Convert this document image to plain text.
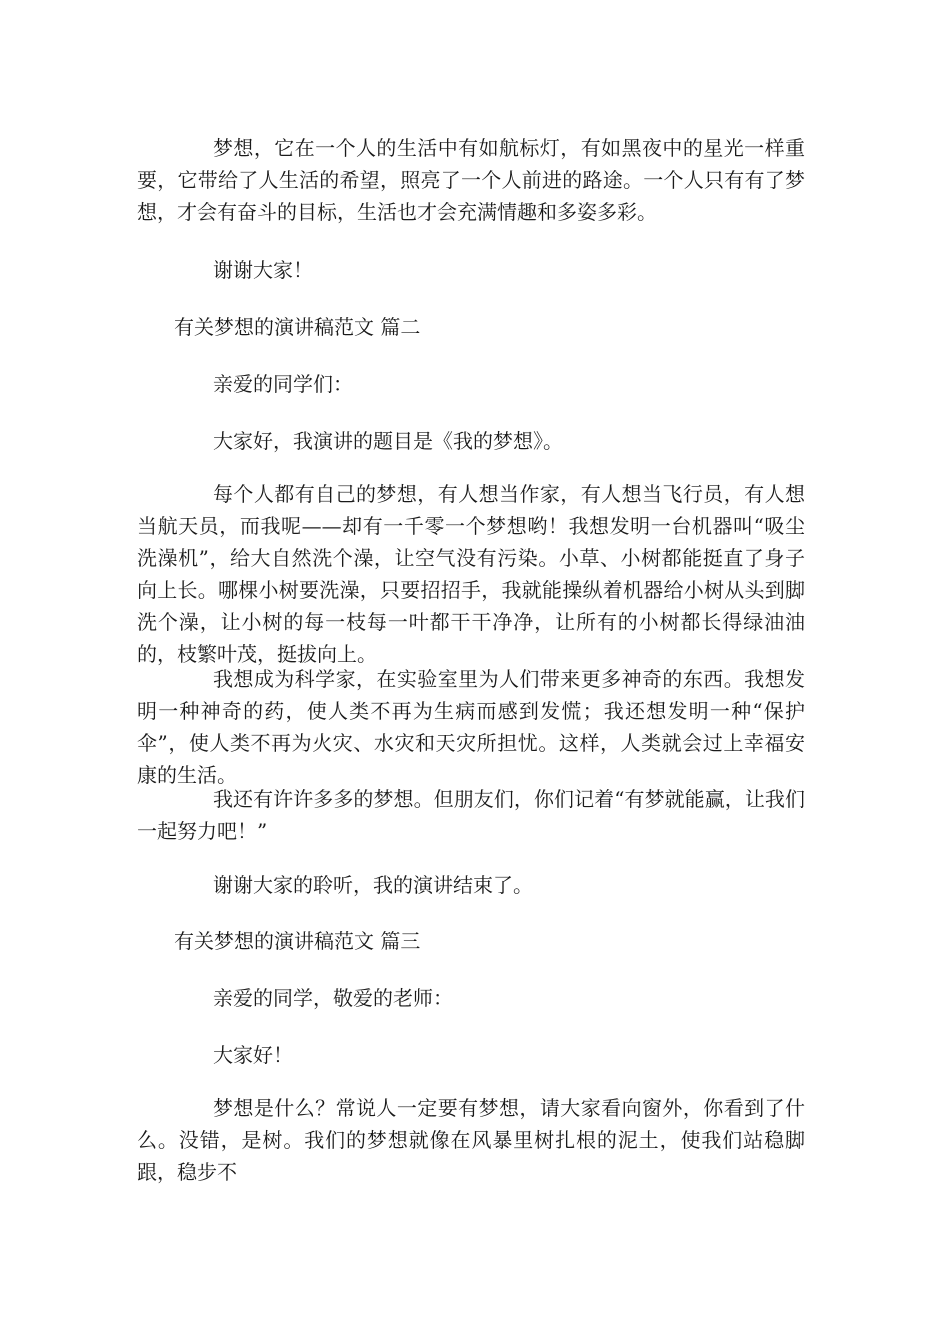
梦想，它在一个人的生活中有如航标灯，有如黑夜中的星光一样重要，它带给了人生活的希望，照亮了一个人前进的路途。一个人只有有了梦想，才会有奋斗的目标，生活也才会充满情趣和多姿多彩。

谢谢大家！

有关梦想的演讲稿范文 篇二

亲爱的同学们：

大家好，我演讲的题目是《我的梦想》。

每个人都有自己的梦想，有人想当作家，有人想当飞行员，有人想当航天员，而我呢——却有一千零一个梦想哟！我想发明一台机器叫“吸尘洗澡机”，给大自然洗个澡，让空气没有污染。小草、小树都能挺直了身子向上长。哪棵小树要洗澡，只要招招手，我就能操纵着机器给小树从头到脚洗个澡，让小树的每一枝每一叶都干干净净，让所有的小树都长得绿油油的，枝繁叶茂，挺拔向上。

我想成为科学家，在实验室里为人们带来更多神奇的东西。我想发明一种神奇的药，使人类不再为生病而感到发慌；我还想发明一种“保护伞”，使人类不再为火灾、水灾和天灾所担忧。这样，人类就会过上幸福安康的生活。

我还有许许多多的梦想。但朋友们，你们记着“有梦就能赢，让我们一起努力吧！”

谢谢大家的聆听，我的演讲结束了。

有关梦想的演讲稿范文 篇三

亲爱的同学，敬爱的老师：

大家好！

梦想是什么？常说人一定要有梦想，请大家看向窗外，你看到了什么。没错，是树。我们的梦想就像在风暴里树扎根的泥土，使我们站稳脚跟，稳步不
